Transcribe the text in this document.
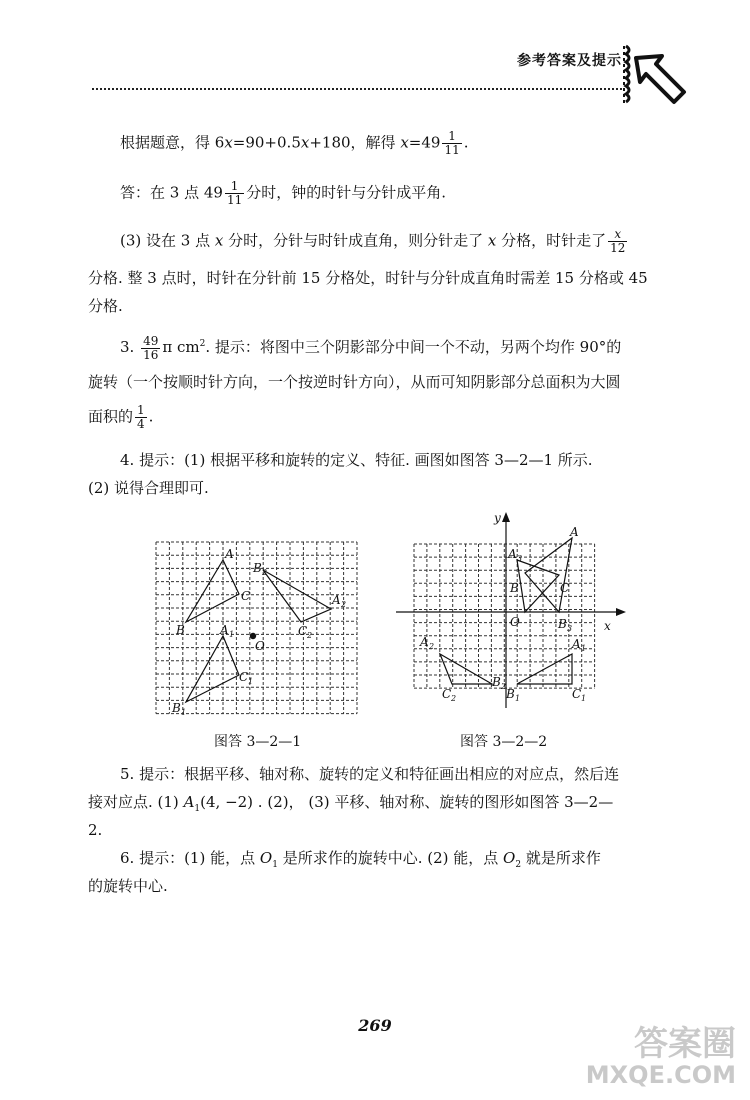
参考答案及提示
根据题意，得 6x=90+0.5x+180，解得 $x=49 \frac{1}{11}$ .
答：在 3 点 $49 \frac{1}{11}$ 分时，钟的时针与分针成平角.
(3) 设在 3 点 x 分时，分针与时针成直角，则分针走了 x 分格，时针走了 $\frac{x}{12}$
分格. 整 3 点时，时针在分针前 15 分格处，时针与分针成直角时需差 15 分格或 45
分格.
3. $\frac{49}{16}$ π $cm^2$. 提示：将图中三个阴影部分中间一个不动，另两个均作 90°的
旋转（一个按顺时针方向，一个按逆时针方向），从而可知阴影部分总面积为大圆
面积的 $\frac{1}{4}$ .
4. 提示：(1) 根据平移和旋转的定义、特征. 画图如图答 3—2—1 所示.
(2) 说得合理即可.
A
C
B
B 2
A 2
C 2
O
A 1
C 1
B 1
图答 3—2—1
y
x
O
A
B	C
A 3
B 3
A 2
C 2
B 2
A 1
B 1	C 1
图答 3—2—2
5. 提示：根据平移、轴对称、旋转的定义和特征画出相应的对应点，然后连
接对应点. (1) $A_1(4$, −2) . (2)， (3) 平移、轴对称、旋转的图形如图答 3—2—
2.
6. 提示：(1) 能，点 $O_1$ 是所求作的旋转中心. (2) 能，点 $O_2$ 就是所求作
的旋转中心.
269	答案圈
MXQE.COM
